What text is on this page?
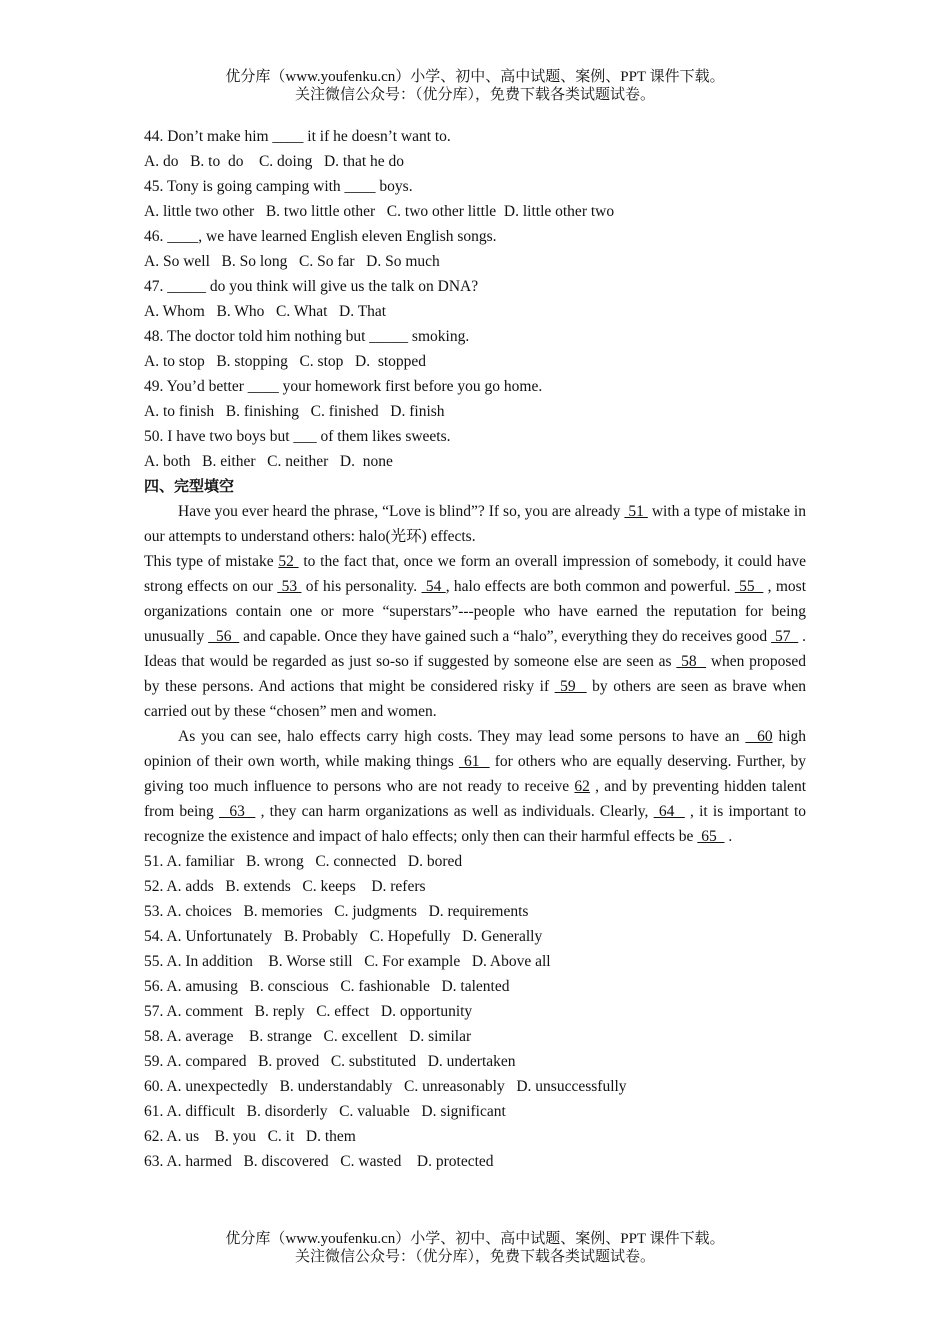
优分库（www.youfenku.cn）小学、初中、高中试题、案例、PPT 课件下载。
关注微信公众号：（优分库），免费下载各类试题试卷。
44. Don’t make him ____ it if he doesn’t want to.
A. do   B. to  do    C. doing   D. that he do
45. Tony is going camping with ____ boys.
A. little two other   B. two little other   C. two other little  D. little other two
46. ____, we have learned English eleven English songs.
A. So well   B. So long   C. So far   D. So much
47. _____ do you think will give us the talk on DNA?
A. Whom   B. Who   C. What   D. That
48. The doctor told him nothing but _____ smoking.
A. to stop   B. stopping   C. stop   D.  stopped
49. You’d better ____ your homework first before you go home.
A. to finish   B. finishing   C. finished   D. finish
50. I have two boys but ___ of them likes sweets.
A. both   B. either   C. neither   D.  none
四、完型填空
Have you ever heard the phrase, “Love is blind”? If so, you are already  51  with a type of mistake in our attempts to understand others: halo(光环) effects.
This type of mistake 52  to the fact that, once we form an overall impression of somebody, it could have strong effects on our  53  of his personality.  54 , halo effects are both common and powerful.  55   , most organizations contain one or more “superstars”---people who have earned the reputation for being unusually   56   and capable. Once they have gained such a “halo”, everything they do receives good  57   . Ideas that would be regarded as just so-so if suggested by someone else are seen as  58   when proposed by these persons. And actions that might be considered risky if  59   by others are seen as brave when carried out by these “chosen” men and women.
As you can see, halo effects carry high costs. They may lead some persons to have an   60 high opinion of their own worth, while making things  61   for others who are equally deserving. Further, by giving too much influence to persons who are not ready to receive 62 , and by preventing hidden talent from being   63   , they can harm organizations as well as individuals. Clearly,  64   , it is important to recognize the existence and impact of halo effects; only then can their harmful effects be  65   .
51. A. familiar   B. wrong   C. connected   D. bored
52. A. adds   B. extends   C. keeps    D. refers
53. A. choices   B. memories   C. judgments   D. requirements
54. A. Unfortunately   B. Probably   C. Hopefully   D. Generally
55. A. In addition    B. Worse still   C. For example   D. Above all
56. A. amusing   B. conscious   C. fashionable   D. talented
57. A. comment   B. reply   C. effect   D. opportunity
58. A. average    B. strange   C. excellent   D. similar
59. A. compared   B. proved   C. substituted   D. undertaken
60. A. unexpectedly   B. understandably   C. unreasonably   D. unsuccessfully
61. A. difficult   B. disorderly   C. valuable   D. significant
62. A. us    B. you   C. it   D. them
63. A. harmed   B. discovered   C. wasted    D. protected
优分库（www.youfenku.cn）小学、初中、高中试题、案例、PPT 课件下载。
关注微信公众号：（优分库），免费下载各类试题试卷。
